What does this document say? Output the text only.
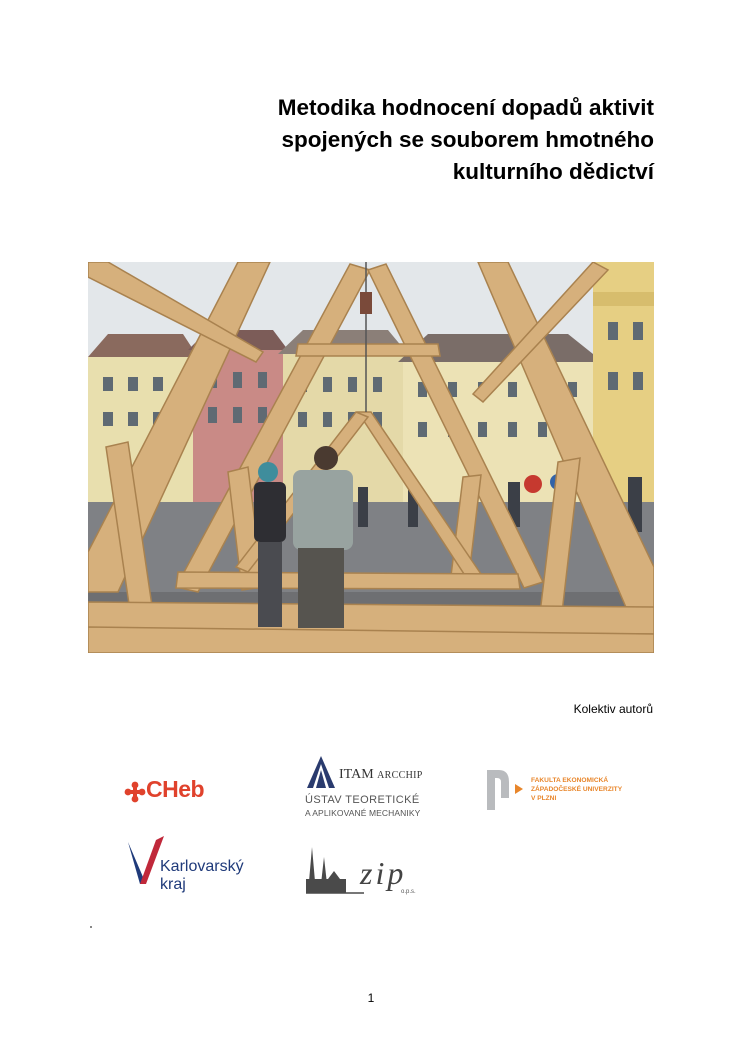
Metodika hodnocení dopadů aktivit
spojených se souborem hmotného
kulturního dědictví
Kolektiv autorů
CHeb
ITAM ARCCHIP
ÚSTAV TEORETICKÉ
A APLIKOVANÉ MECHANIKY
FAKULTA EKONOMICKÁ
ZÁPADOČESKÉ UNIVERZITY
V PLZNI
Karlovarský
kraj	zip
o.p.s.
1
